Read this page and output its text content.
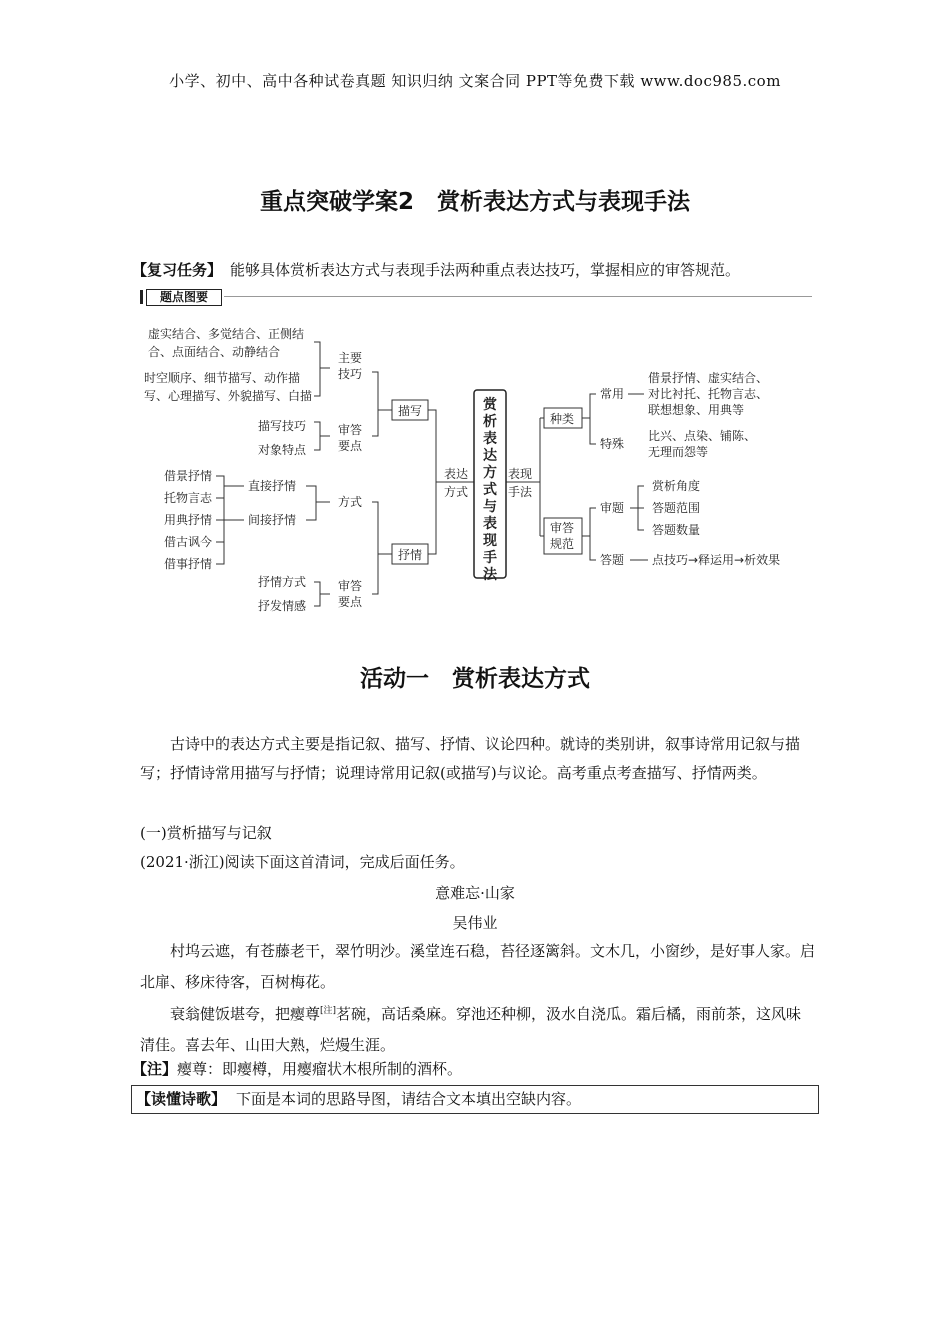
小学、初中、高中各种试卷真题 知识归纳 文案合同 PPT等免费下载 www.doc985.com
重点突破学案2　赏析表达方式与表现手法
【复习任务】 能够具体赏析表达方式与表现手法两种重点表达技巧，掌握相应的审答规范。
题点图要
虚实结合、多觉结合、正侧结
合、点面结合、动静结合
时空顺序、细节描写、动作描
写、心理描写、外貌描写、白描
主要
技巧
描写技巧
对象特点
审答
要点
描写
借景抒情
托物言志
用典抒情
借古讽今
借事抒情
直接抒情
间接抒情
方式
抒情方式
抒发情感
审答
要点
抒情
表达
方式
赏
析
表
达
方
式
与
表
现
手
法
表现
手法
种类
常用
借景抒情、虚实结合、
对比衬托、托物言志、
联想想象、用典等
特殊
比兴、点染、铺陈、
无理而怨等
审答
规范
审题
赏析角度
答题范围
答题数量
答题 点技巧→释运用→析效果
活动一　赏析表达方式
古诗中的表达方式主要是指记叙、描写、抒情、议论四种。就诗的类别讲，叙事诗常用记叙与描写；抒情诗常用描写与抒情；说理诗常用记叙(或描写)与议论。高考重点考查描写、抒情两类。
(一)赏析描写与记叙
(2021·浙江)阅读下面这首清词，完成后面任务。
意难忘·山家
吴伟业
村坞云遮，有苍藤老干，翠竹明沙。溪堂连石稳，苔径逐篱斜。文木几，小窗纱，是好事人家。启北扉、移床待客，百树梅花。
衰翁健饭堪夸，把瘿尊[注]茗碗，高话桑麻。穿池还种柳，汲水自浇瓜。霜后橘，雨前茶，这风味清佳。喜去年、山田大熟，烂熳生涯。
【注】瘿尊：即瘿樽，用瘿瘤状木根所制的酒杯。
【读懂诗歌】 下面是本词的思路导图，请结合文本填出空缺内容。
